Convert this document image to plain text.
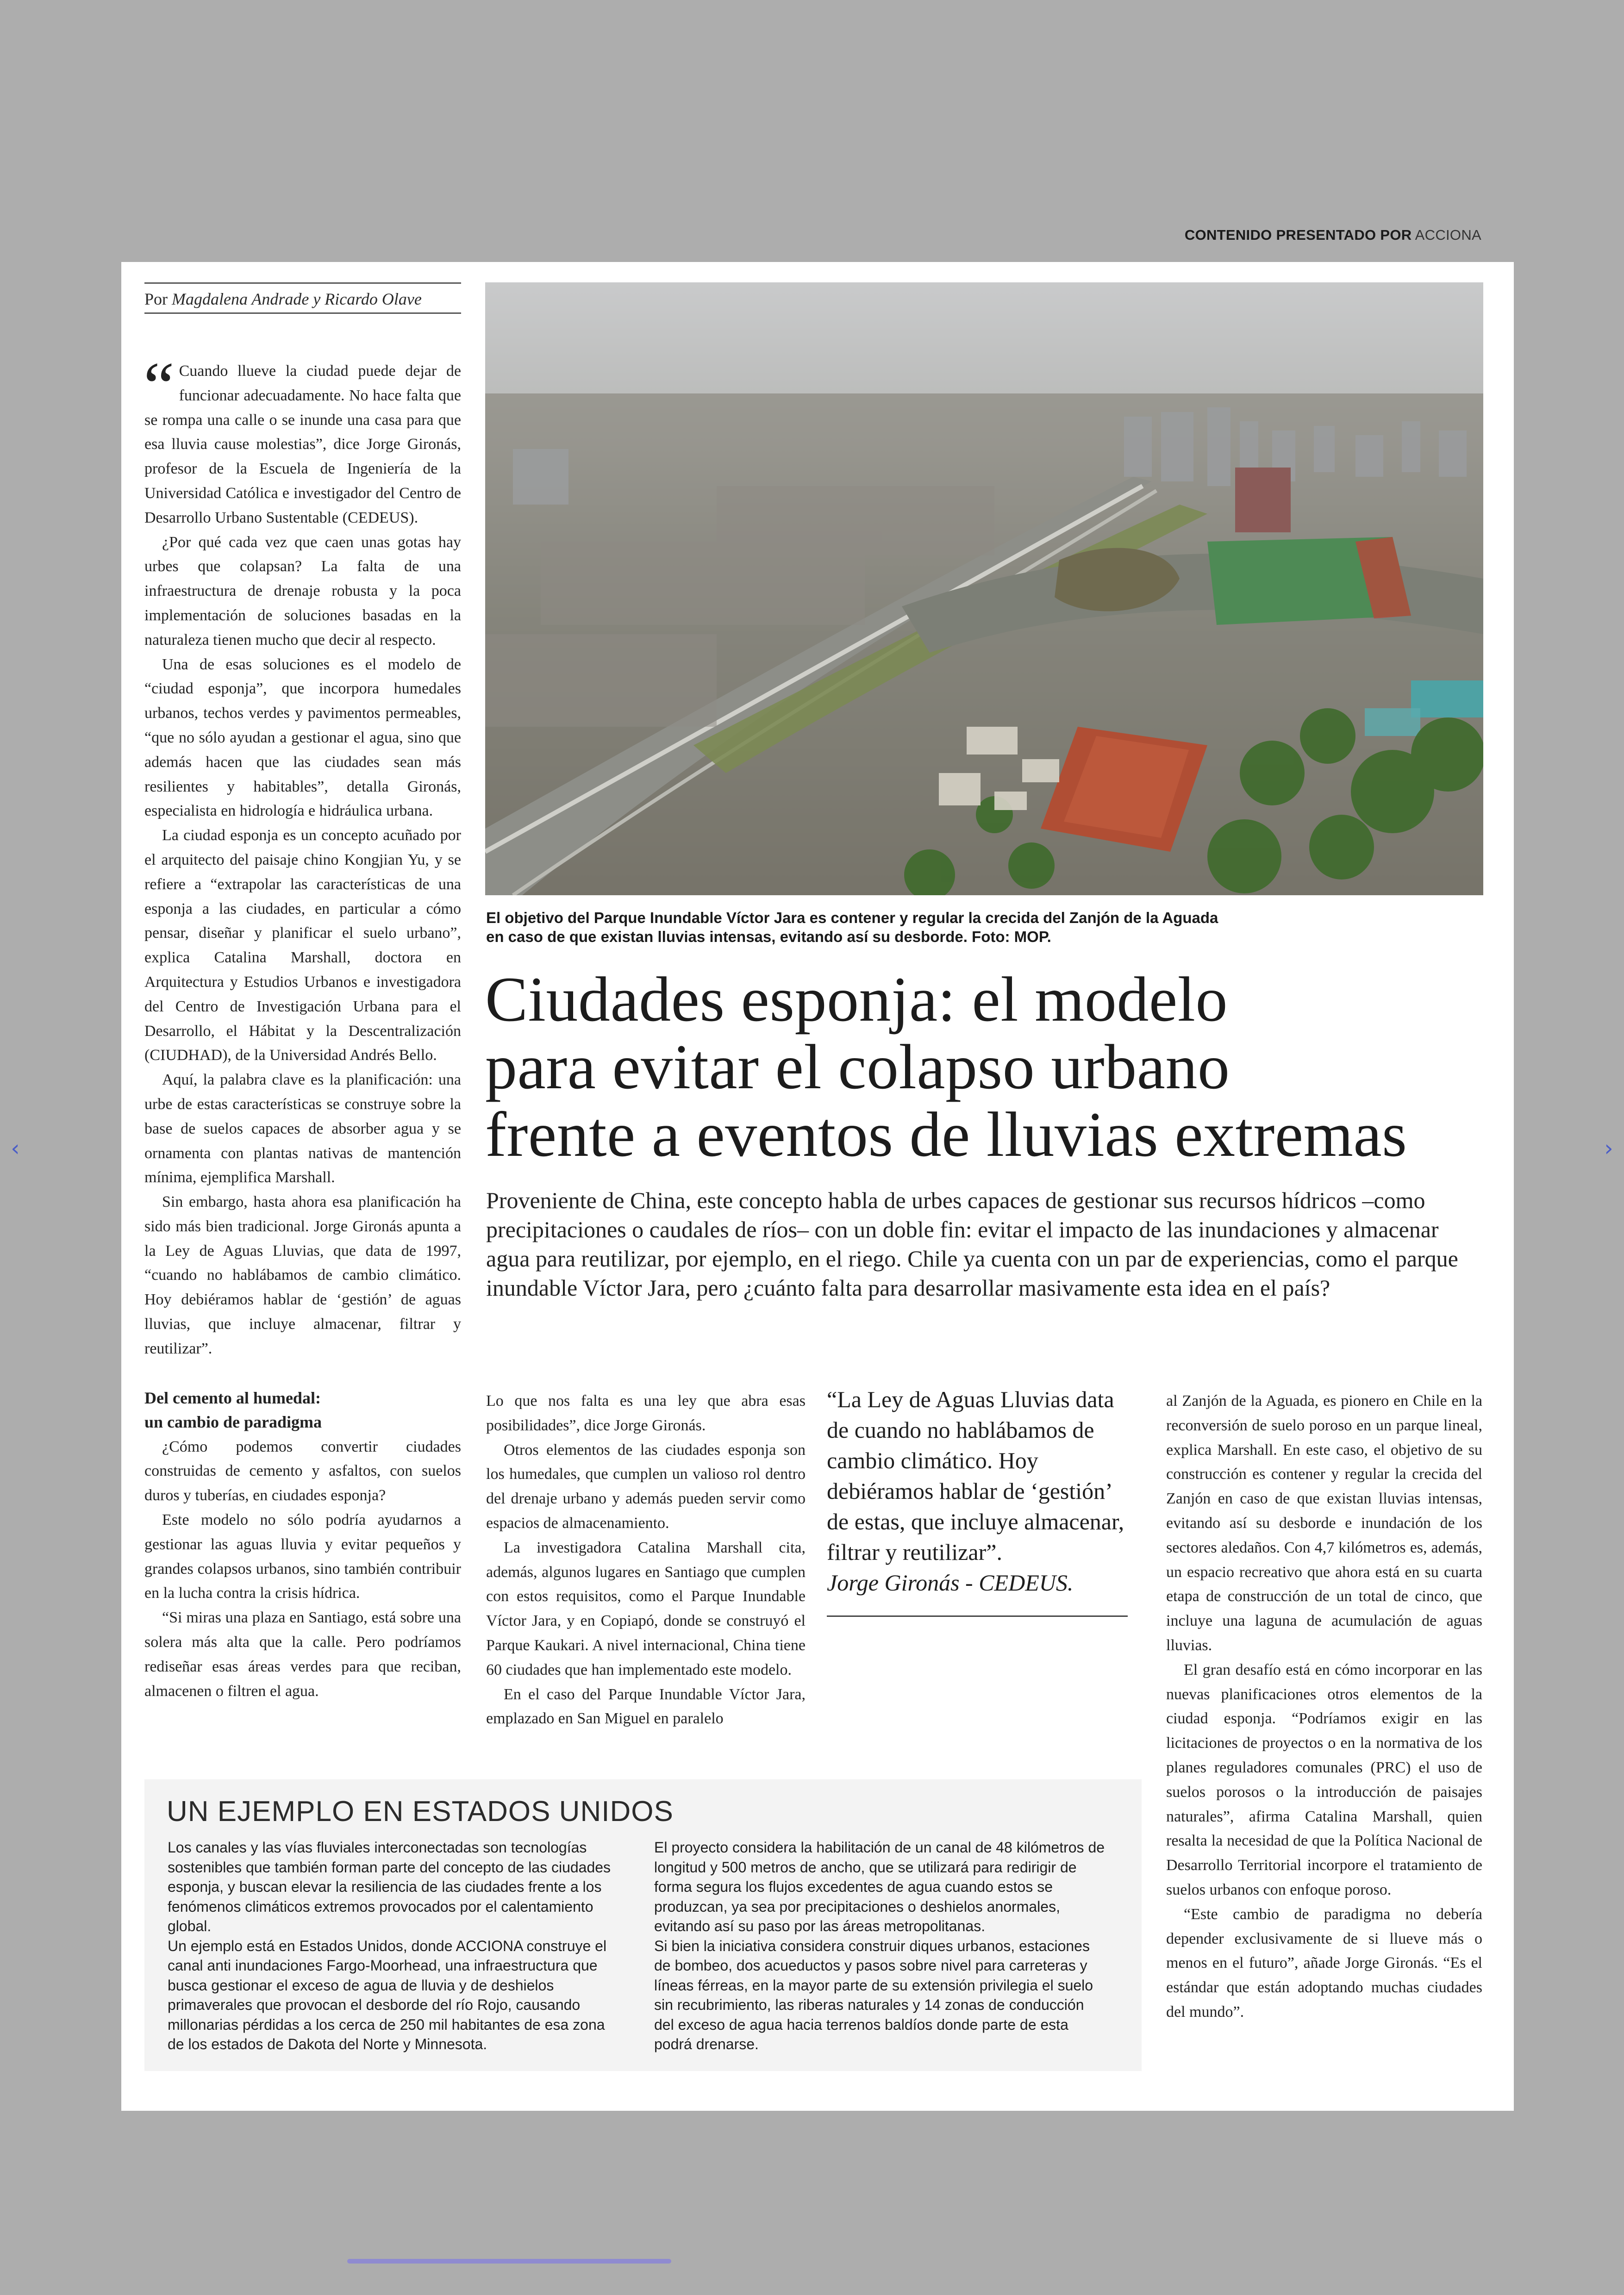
CONTENIDO PRESENTADO POR ACCIONA
‹	›
Por Magdalena Andrade y Ricardo Olave

“ Cuando llueve la ciudad puede dejar de funcionar adecuadamente. No hace falta que se rompa una calle o se inunde una casa para que esa lluvia cause molestias”, dice Jorge Gironás, profesor de la Escuela de Ingeniería de la Universidad Católica e investigador del Centro de Desarrollo Urbano Sustentable (CEDEUS).

¿Por qué cada vez que caen unas gotas hay urbes que colapsan? La falta de una infraestructura de drenaje robusta y la poca implementación de soluciones basadas en la naturaleza tienen mucho que decir al respecto.

Una de esas soluciones es el modelo de “ciudad esponja”, que incorpora humedales urbanos, techos verdes y pavimentos permeables, “que no sólo ayudan a gestionar el agua, sino que además hacen que las ciudades sean más resilientes y habitables”, detalla Gironás, especialista en hidrología e hidráulica urbana.

La ciudad esponja es un concepto acuñado por el arquitecto del paisaje chino Kongjian Yu, y se refiere a “extrapolar las características de una esponja a las ciudades, en particular a cómo pensar, diseñar y planificar el suelo urbano”, explica Catalina Marshall, doctora en Arquitectura y Estudios Urbanos e investigadora del Centro de Investigación Urbana para el Desarrollo, el Hábitat y la Descentralización (CIUDHAD), de la Universidad Andrés Bello.

Aquí, la palabra clave es la planificación: una urbe de estas características se construye sobre la base de suelos capaces de absorber agua y se ornamenta con plantas nativas de mantención mínima, ejemplifica Marshall.

Sin embargo, hasta ahora esa planificación ha sido más bien tradicional. Jorge Gironás apunta a la Ley de Aguas Lluvias, que data de 1997, “cuando no hablábamos de cambio climático. Hoy debiéramos hablar de ‘gestión’ de aguas lluvias, que incluye almacenar, filtrar y reutilizar”.

Del cemento al humedal:
un cambio de paradigma

¿Cómo podemos convertir ciudades construidas de cemento y asfaltos, con suelos duros y tuberías, en ciudades esponja?

Este modelo no sólo podría ayudarnos a gestionar las aguas lluvia y evitar pequeños y grandes colapsos urbanos, sino también contribuir en la lucha contra la crisis hídrica.

“Si miras una plaza en Santiago, está sobre una solera más alta que la calle. Pero podríamos rediseñar esas áreas verdes para que reciban, almacenen o filtren el agua.

El objetivo del Parque Inundable Víctor Jara es contener y regular la crecida del Zanjón de la Aguada
en caso de que existan lluvias intensas, evitando así su desborde. Foto: MOP.
Ciudades esponja: el modelo
para evitar el colapso urbano
frente a eventos de lluvias extremas
Proveniente de China, este concepto habla de urbes capaces de gestionar sus recursos hídricos –como precipitaciones o caudales de ríos– con un doble fin: evitar el impacto de las inundaciones y almacenar agua para reutilizar, por ejemplo, en el riego. Chile ya cuenta con un par de experiencias, como el parque inundable Víctor Jara, pero ¿cuánto falta para desarrollar masivamente esta idea en el país?

Lo que nos falta es una ley que abra esas posibilidades”, dice Jorge Gironás.

Otros elementos de las ciudades esponja son los humedales, que cumplen un valioso rol dentro del drenaje urbano y además pueden servir como espacios de almacenamiento.

La investigadora Catalina Marshall cita, además, algunos lugares en Santiago que cumplen con estos requisitos, como el Parque Inundable Víctor Jara, y en Copiapó, donde se construyó el Parque Kaukari. A nivel internacional, China tiene 60 ciudades que han implementado este modelo.

En el caso del Parque Inundable Víctor Jara, emplazado en San Miguel en paralelo

“La Ley de Aguas Lluvias data de cuando no hablábamos de cambio climático. Hoy debiéramos hablar de ‘gestión’ de estas, que incluye almacenar, filtrar y reutilizar”.
Jorge Gironás - CEDEUS.

al Zanjón de la Aguada, es pionero en Chile en la reconversión de suelo poroso en un parque lineal, explica Marshall. En este caso, el objetivo de su construcción es contener y regular la crecida del Zanjón en caso de que existan lluvias intensas, evitando así su desborde e inundación de los sectores aledaños. Con 4,7 kilómetros es, además, un espacio recreativo que ahora está en su cuarta etapa de construcción de un total de cinco, que incluye una laguna de acumulación de aguas lluvias.

El gran desafío está en cómo incorporar en las nuevas planificaciones otros elementos de la ciudad esponja. “Podríamos exigir en las licitaciones de proyectos o en la normativa de los planes reguladores comunales (PRC) el uso de suelos porosos o la introducción de paisajes naturales”, afirma Catalina Marshall, quien resalta la necesidad de que la Política Nacional de Desarrollo Territorial incorpore el tratamiento de suelos urbanos con enfoque poroso.

“Este cambio de paradigma no debería depender exclusivamente de si llueve más o menos en el futuro”, añade Jorge Gironás. “Es el estándar que están adoptando muchas ciudades del mundo”.

UN EJEMPLO EN ESTADOS UNIDOS

Los canales y las vías fluviales interconectadas son tecnologías sostenibles que también forman parte del concepto de las ciudades esponja, y buscan elevar la resiliencia de las ciudades frente a los fenómenos climáticos extremos provocados por el calentamiento global.

Un ejemplo está en Estados Unidos, donde ACCIONA construye el canal anti inundaciones Fargo-Moorhead, una infraestructura que busca gestionar el exceso de agua de lluvia y de deshielos primaverales que provocan el desborde del río Rojo, causando millonarias pérdidas a los cerca de 250 mil habitantes de esa zona de los estados de Dakota del Norte y Minnesota.

El proyecto considera la habilitación de un canal de 48 kilómetros de longitud y 500 metros de ancho, que se utilizará para redirigir de forma segura los flujos excedentes de agua cuando estos se produzcan, ya sea por precipitaciones o deshielos anormales, evitando así su paso por las áreas metropolitanas.

Si bien la iniciativa considera construir diques urbanos, estaciones de bombeo, dos acueductos y pasos sobre nivel para carreteras y líneas férreas, en la mayor parte de su extensión privilegia el suelo sin recubrimiento, las riberas naturales y 14 zonas de conducción del exceso de agua hacia terrenos baldíos donde parte de esta podrá drenarse.
